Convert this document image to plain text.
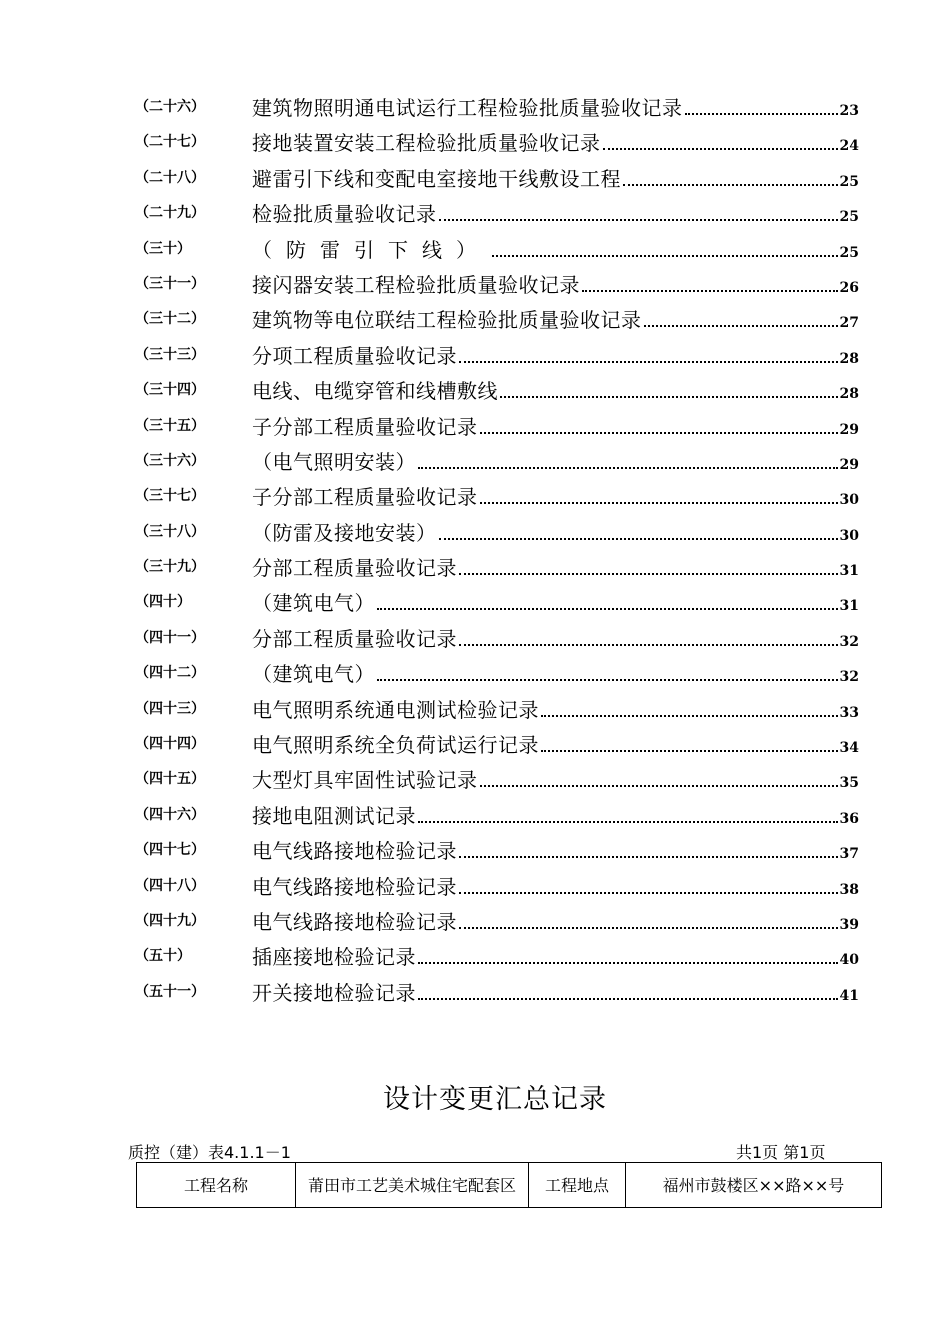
（二十六） 建筑物照明通电试运行工程检验批质量验收记录	23
（二十七） 接地装置安装工程检验批质量验收记录	24
（二十八） 避雷引下线和变配电室接地干线敷设工程	25
（二十九） 检验批质量验收记录	25
（三十）	（防雷引下线）	25
（三十一） 接闪器安装工程检验批质量验收记录	26
（三十二） 建筑物等电位联结工程检验批质量验收记录	27
（三十三） 分项工程质量验收记录	28
（三十四） 电线、电缆穿管和线槽敷线	28
（三十五） 子分部工程质量验收记录	29
（三十六） （电气照明安装）	29
（三十七） 子分部工程质量验收记录	30
（三十八） （防雷及接地安装）	30
（三十九） 分部工程质量验收记录	31
（四十）	（建筑电气）	31
（四十一） 分部工程质量验收记录	32
（四十二） （建筑电气）	32
（四十三） 电气照明系统通电测试检验记录	33
（四十四） 电气照明系统全负荷试运行记录	34
（四十五） 大型灯具牢固性试验记录	35
（四十六） 接地电阻测试记录	36
（四十七） 电气线路接地检验记录	37
（四十八） 电气线路接地检验记录	38
（四十九） 电气线路接地检验记录	39
（五十）	插座接地检验记录	40
（五十一） 开关接地检验记录	41
设计变更汇总记录
质控（建）表4.1.1－1	共1页 第1页
工程名称	莆田市工艺美术城住宅配套区	工程地点	福州市鼓楼区××路××号
